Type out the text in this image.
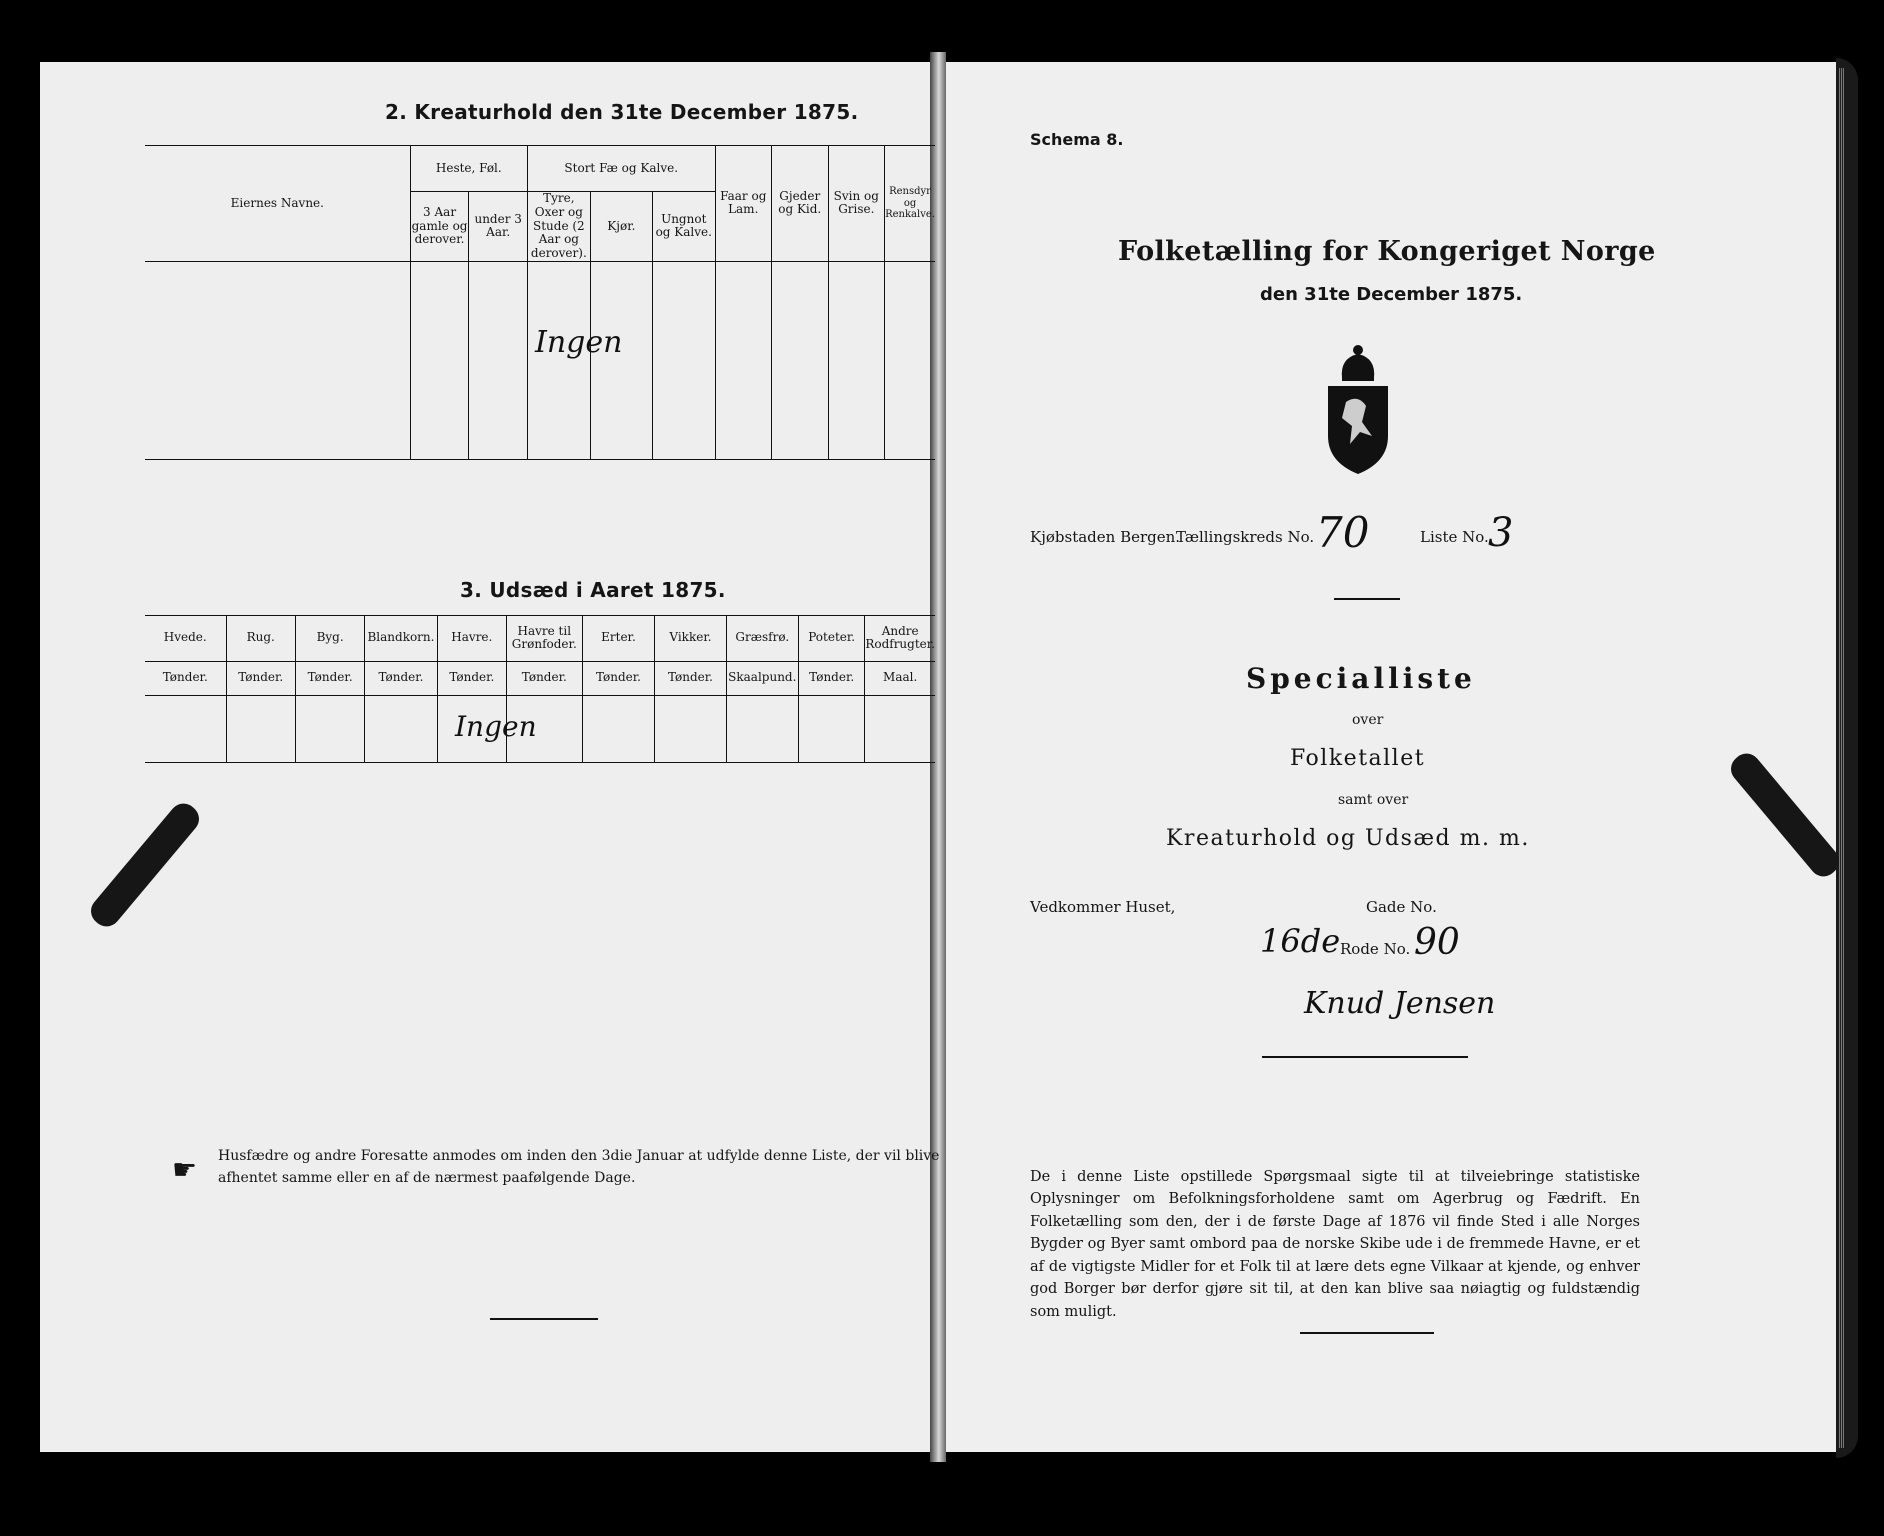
2. Kreaturhold den 31te December 1875.
Eiernes Navne.	Heste, Føl.		Stort Fæ og Kalve.			Faar og Lam.	Gjeder og Kid.	Svin og Grise.	Rensdyr og Renkalve.
	3 Aar gamle og derover.	under 3 Aar.	Tyre, Oxer og Stude (2 Aar og derover).	Kjør.	Ungnot og Kalve.				

Ingen
3. Udsæd i Aaret 1875.
Hvede.	Rug.	Byg.	Blandkorn.	Havre.	Havre til Grønfoder.	Erter.	Vikker.	Græsfrø.	Poteter.	Andre Rodfrugter.
Tønder.	Tønder.	Tønder.	Tønder.	Tønder.	Tønder.	Tønder.	Tønder.	Skaalpund.	Tønder.	Maal.

Ingen
☛ Husfædre og andre Foresatte anmodes om inden den 3die Januar at udfylde denne Liste, der vil blive
afhentet samme eller en af de nærmest paafølgende Dage.
Schema 8.
Folketælling for Kongeriget Norge
den 31te December 1875.
Kjøbstaden Bergen.
Tællingskreds No. 70	Liste No. 3
Specialliste
over
Folketallet
samt over
Kreaturhold og Udsæd m. m.
Vedkommer Huset,	Gade No.
16de Rode No. 90
Knud Jensen
De i denne Liste opstillede Spørgsmaal sigte til at tilveiebringe statistiske Oplysninger om Befolkningsforholdene samt om Agerbrug og Fædrift. En Folketælling som den, der i de første Dage af 1876 vil finde Sted i alle Norges Bygder og Byer samt ombord paa de norske Skibe ude i de fremmede Havne, er et af de vigtigste Midler for et Folk til at lære dets egne Vilkaar at kjende, og enhver god Borger bør derfor gjøre sit til, at den kan blive saa nøiagtig og fuldstændig som muligt.
